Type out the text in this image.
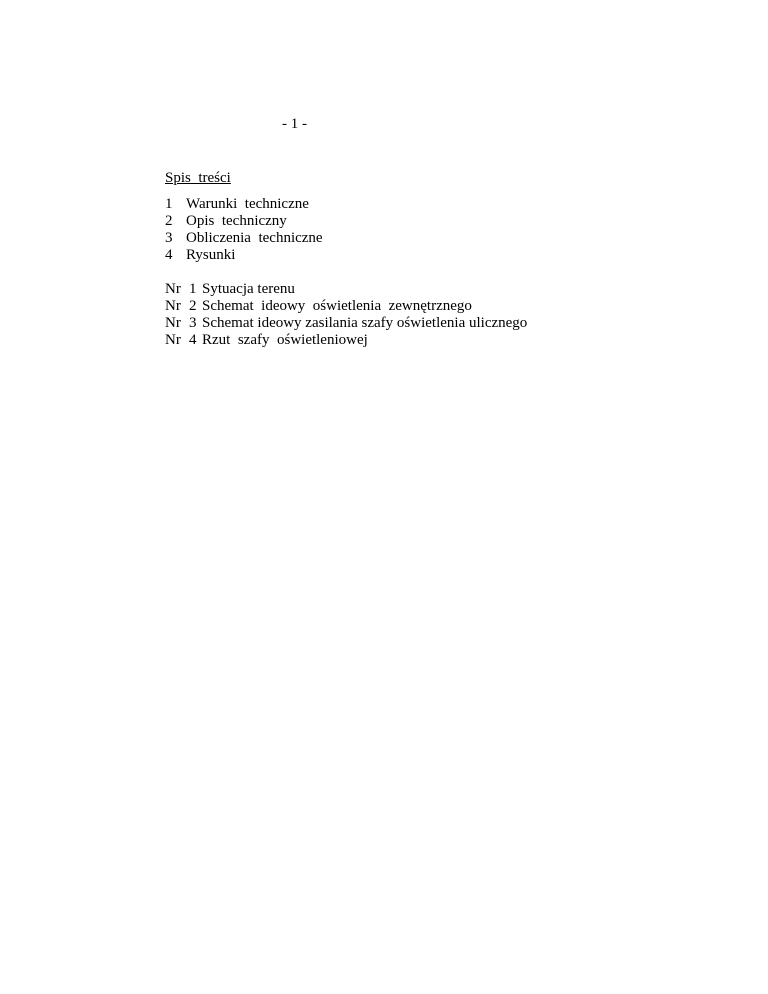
- 1 -
Spis  treści
1 Warunki  techniczne
2 Opis  techniczny
3 Obliczenia  techniczne
4 Rysunki
Nr 1 Sytuacja terenu
Nr 2 Schemat  ideowy  oświetlenia  zewnętrznego
Nr 3 Schemat ideowy zasilania szafy oświetlenia ulicznego
Nr 4 Rzut  szafy  oświetleniowej
